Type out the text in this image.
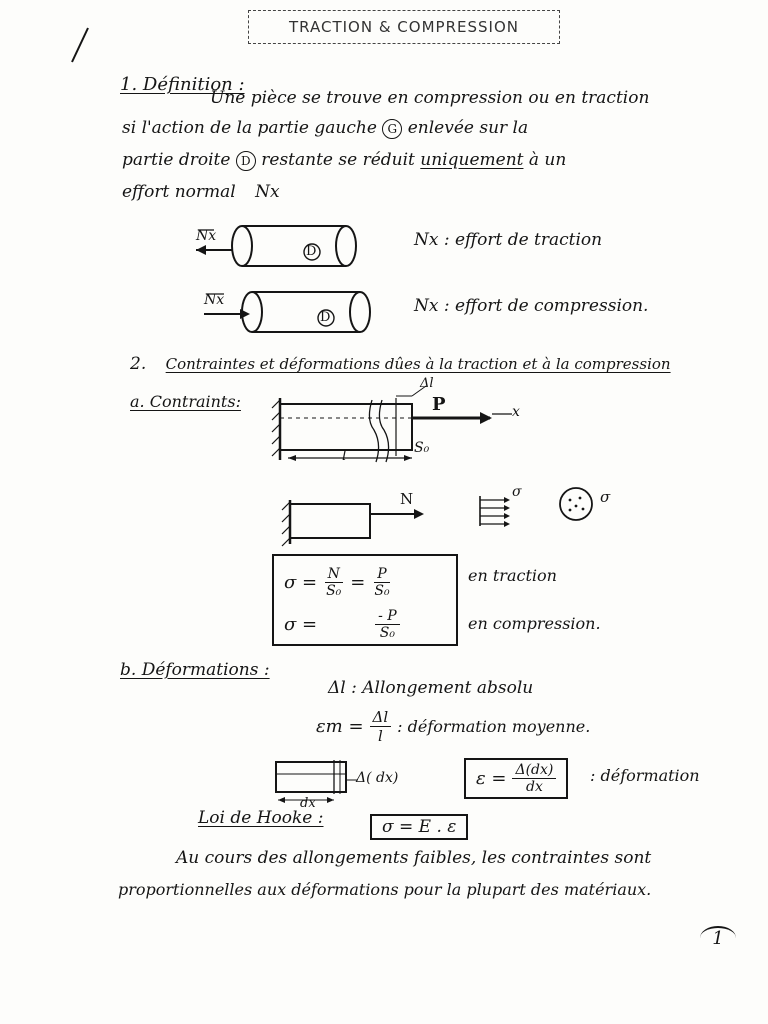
TRACTION & COMPRESSION
1. Définition :
Une pièce se trouve en compression ou en traction
si l'action de la partie gauche G enlevée sur la
partie droite D restante se réduit uniquement à un
effort normal Nx
Nx
D
Nx : effort de traction
Nx
D
Nx : effort de compression.
2. Contraintes et déformations dûes à la traction et à la compression
a. Contraints:
Δl
P	x
l	S₀
N	σ	σ
$\sigma = \frac{N}{\text{S₀}} = \frac{P}{\text{S₀}}$
σ =	$\frac{- P}{\text{S₀}}$
en traction
en compression.
b. Déformations :
Δl : Allongement absolu
$\varepsilon m = \frac{\Delta l}{l}$ : déformation moyenne.
dx
Δ( dx)	$\varepsilon = \frac{\Delta(dx)}{dx}$ : déformation
Loi de Hooke :	σ = E . ε
Au cours des allongements faibles, les contraintes sont
proportionnelles aux déformations pour la plupart des matériaux.
1
